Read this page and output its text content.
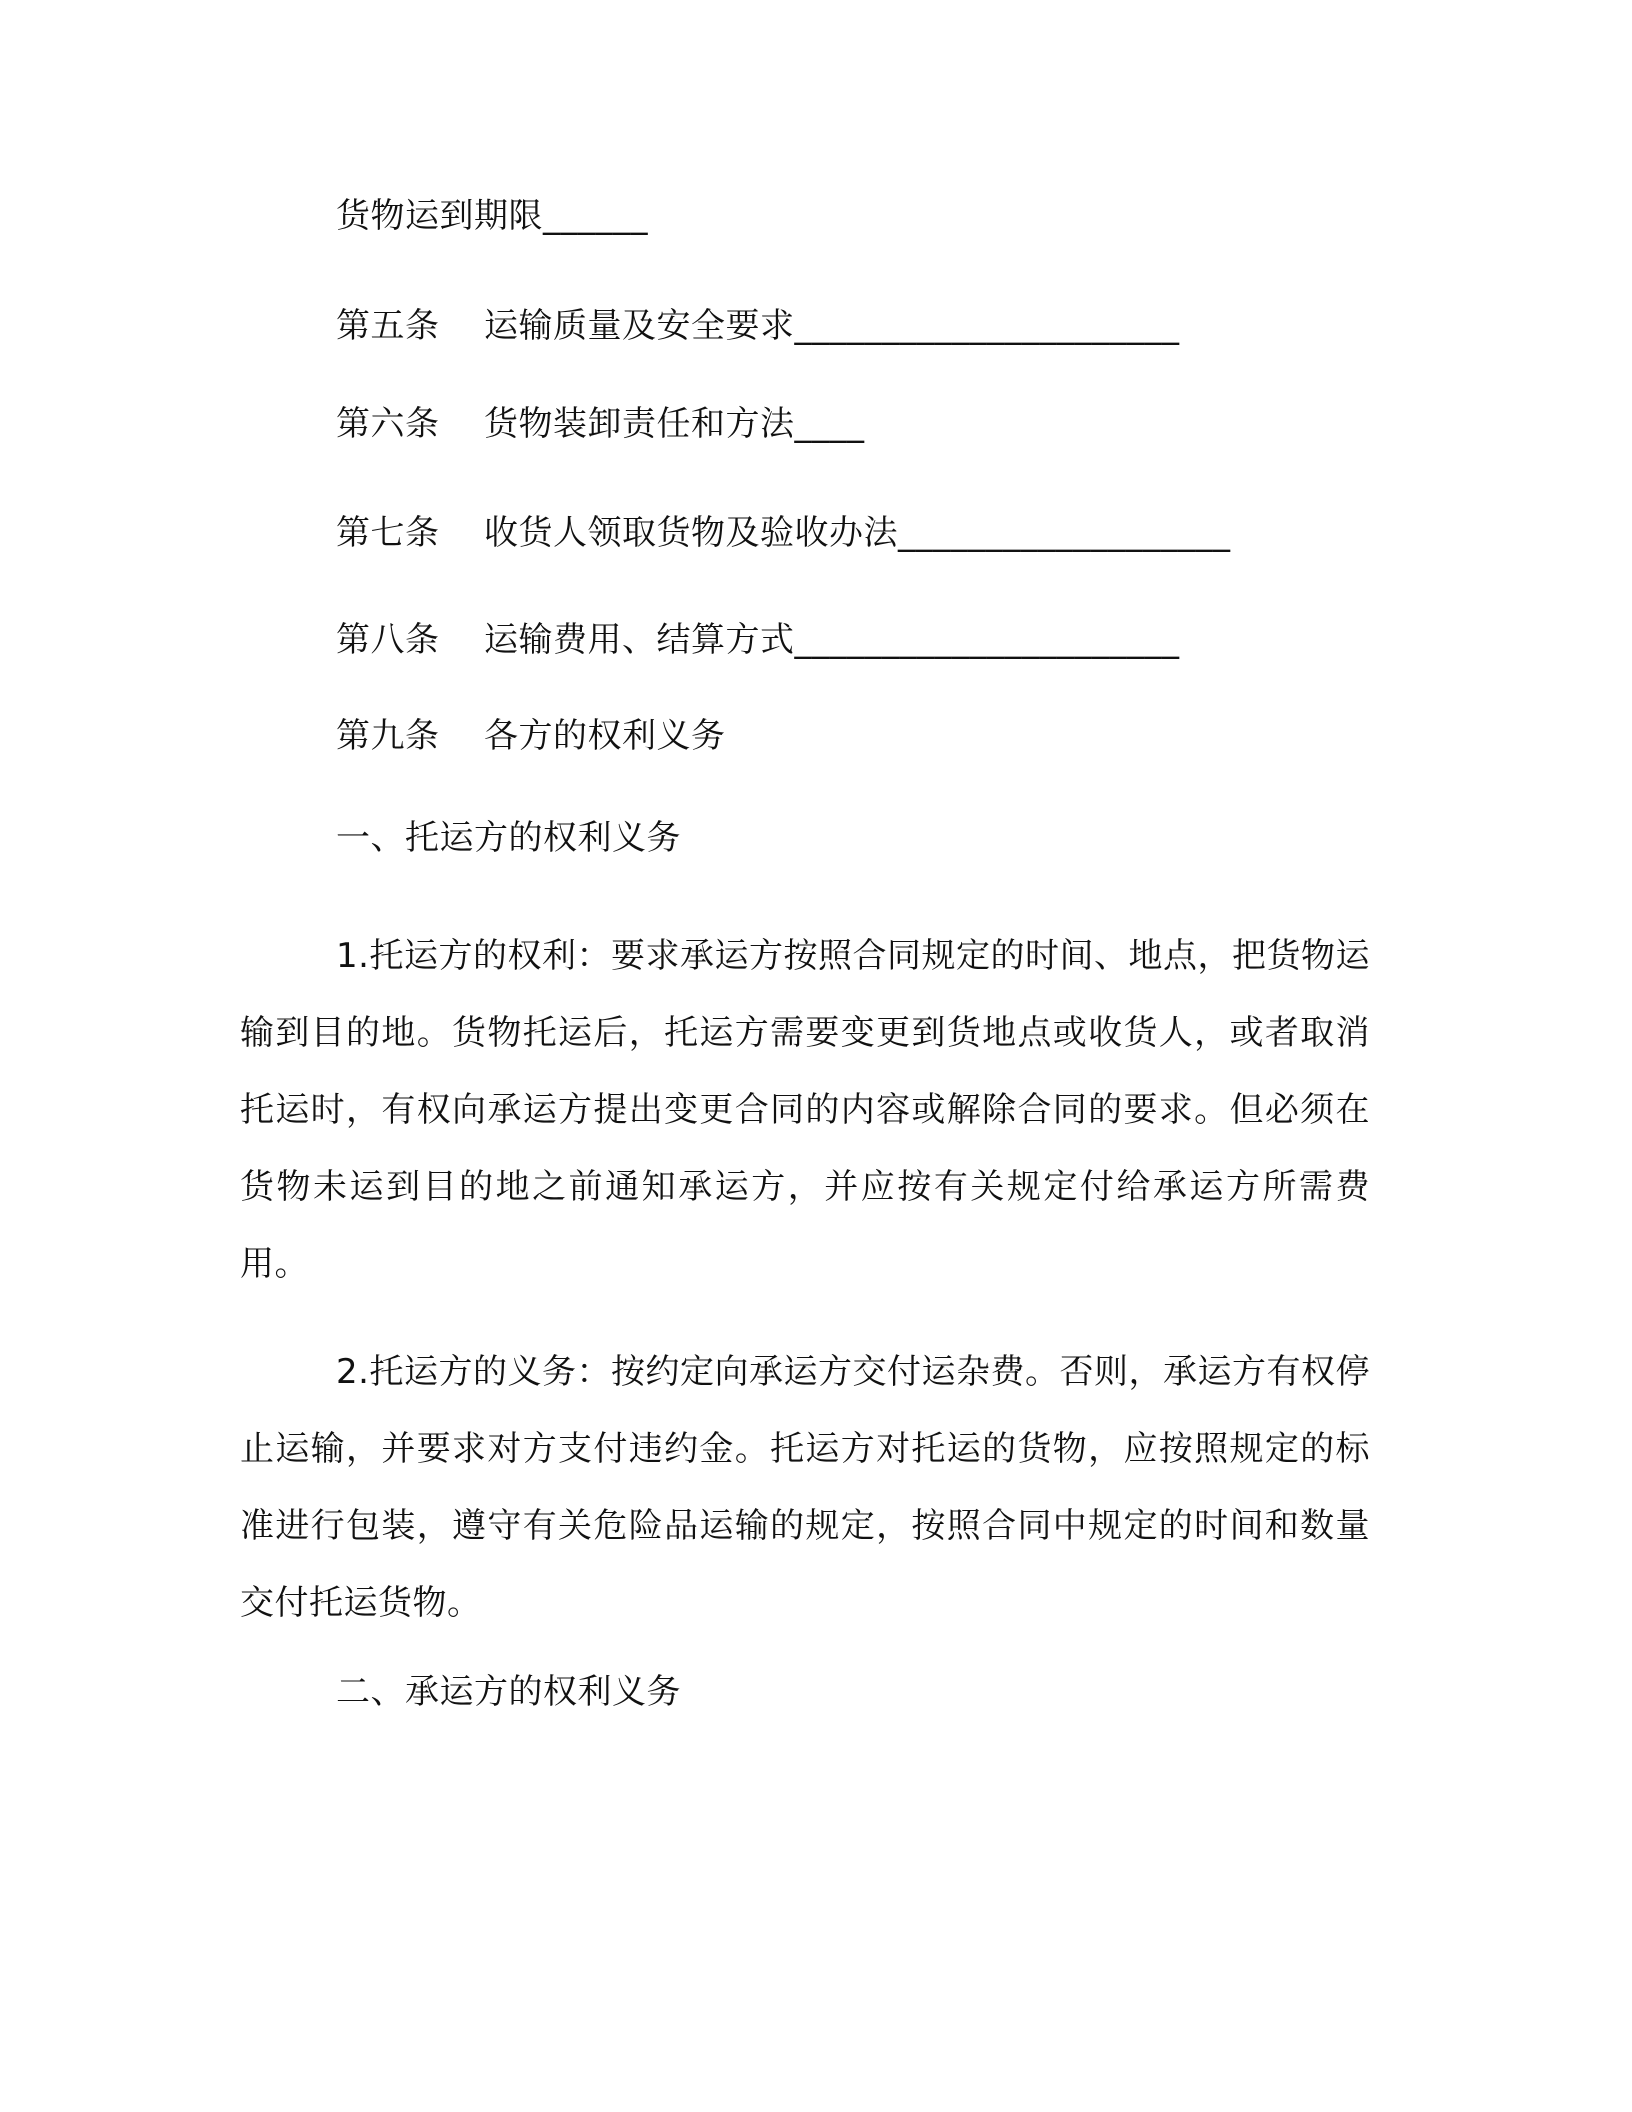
货物运到期限______
第五条 运输质量及安全要求______________________
第六条 货物装卸责任和方法____
第七条 收货人领取货物及验收办法___________________
第八条 运输费用、结算方式______________________
第九条 各方的权利义务
一、托运方的权利义务
1.托运方的权利：要求承运方按照合同规定的时间、地点，把货物运输到目的地。货物托运后，托运方需要变更到货地点或收货人，或者取消托运时，有权向承运方提出变更合同的内容或解除合同的要求。但必须在货物未运到目的地之前通知承运方，并应按有关规定付给承运方所需费用。
2.托运方的义务：按约定向承运方交付运杂费。否则，承运方有权停止运输，并要求对方支付违约金。托运方对托运的货物，应按照规定的标准进行包装，遵守有关危险品运输的规定，按照合同中规定的时间和数量交付托运货物。
二、承运方的权利义务
